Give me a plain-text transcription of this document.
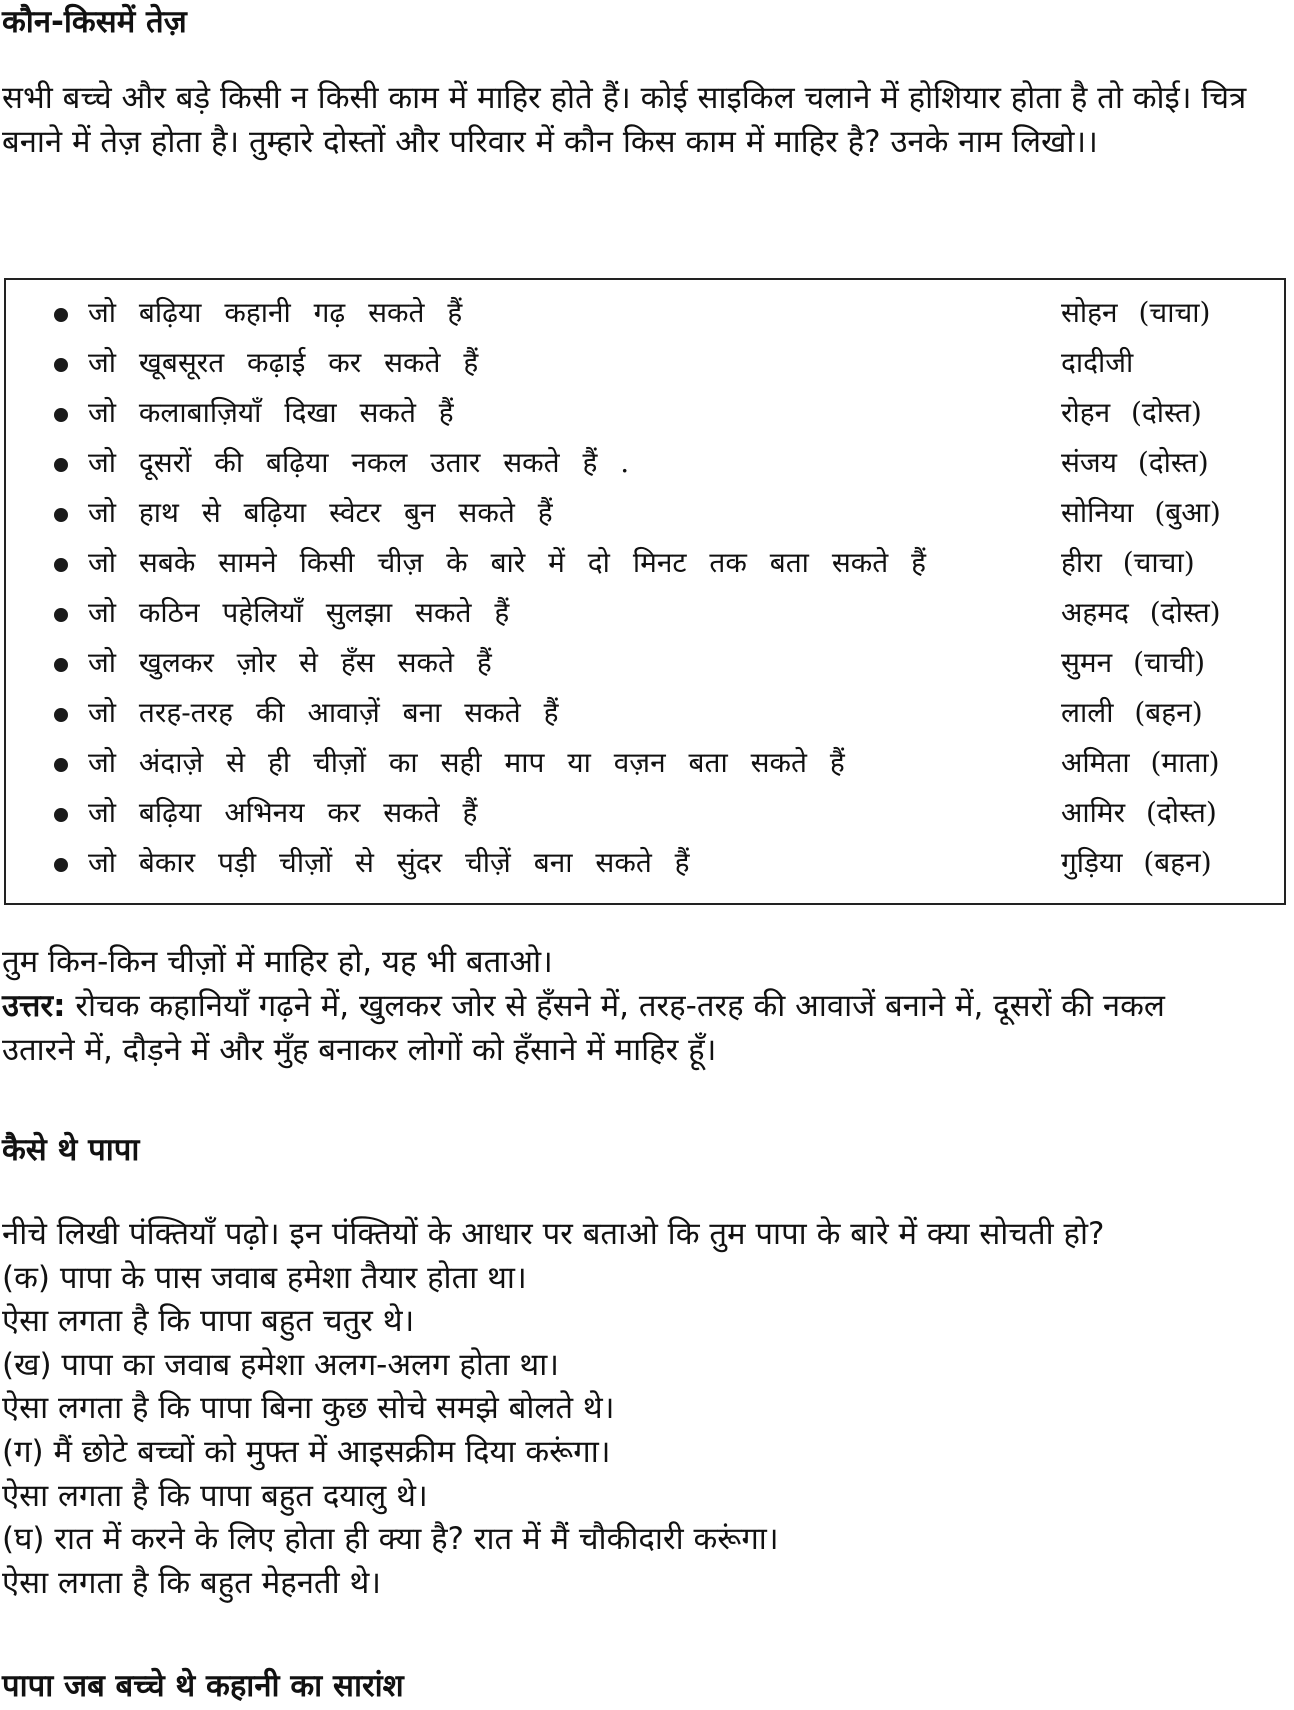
कौन-किसमें तेज़

सभी बच्चे और बड़े किसी न किसी काम में माहिर होते हैं। कोई साइकिल चलाने में होशियार होता है तो कोई। चित्र बनाने में तेज़ होता है। तुम्हारे दोस्तों और परिवार में कौन किस काम में माहिर है? उनके नाम लिखो।।

जो बढ़िया कहानी गढ़ सकते हैं	सोहन (चाचा)
जो खूबसूरत कढ़ाई कर सकते हैं	दादीजी
जो कलाबाज़ियाँ दिखा सकते हैं	रोहन (दोस्त)
जो दूसरों की बढ़िया नकल उतार सकते हैं .	संजय (दोस्त)
जो हाथ से बढ़िया स्वेटर बुन सकते हैं	सोनिया (बुआ)
जो सबके सामने किसी चीज़ के बारे में दो मिनट तक बता सकते हैं	हीरा (चाचा)
जो कठिन पहेलियाँ सुलझा सकते हैं	अहमद (दोस्त)
जो खुलकर ज़ोर से हँस सकते हैं	सुमन (चाची)
जो तरह-तरह की आवाज़ें बना सकते हैं	लाली (बहन)
जो अंदाज़े से ही चीज़ों का सही माप या वज़न बता सकते हैं	अमिता (माता)
जो बढ़िया अभिनय कर सकते हैं	आमिर (दोस्त)
जो बेकार पड़ी चीज़ों से सुंदर चीज़ें बना सकते हैं	गुड़िया (बहन)
तुम किन-किन चीज़ों में माहिर हो, यह भी बताओ।
उत्तर: रोचक कहानियाँ गढ़ने में, खुलकर जोर से हँसने में, तरह-तरह की आवाजें बनाने में, दूसरों की नकल
उतारने में, दौड़ने में और मुँह बनाकर लोगों को हँसाने में माहिर हूँ।
कैसे थे पापा
नीचे लिखी पंक्तियाँ पढ़ो। इन पंक्तियों के आधार पर बताओ कि तुम पापा के बारे में क्या सोचती हो?
(क) पापा के पास जवाब हमेशा तैयार होता था।
ऐसा लगता है कि पापा बहुत चतुर थे।
(ख) पापा का जवाब हमेशा अलग-अलग होता था।
ऐसा लगता है कि पापा बिना कुछ सोचे समझे बोलते थे।
(ग) मैं छोटे बच्चों को मुफ्त में आइसक्रीम दिया करूंगा।
ऐसा लगता है कि पापा बहुत दयालु थे।
(घ) रात में करने के लिए होता ही क्या है? रात में मैं चौकीदारी करूंगा।
ऐसा लगता है कि बहुत मेहनती थे।
पापा जब बच्चे थे कहानी का सारांश
